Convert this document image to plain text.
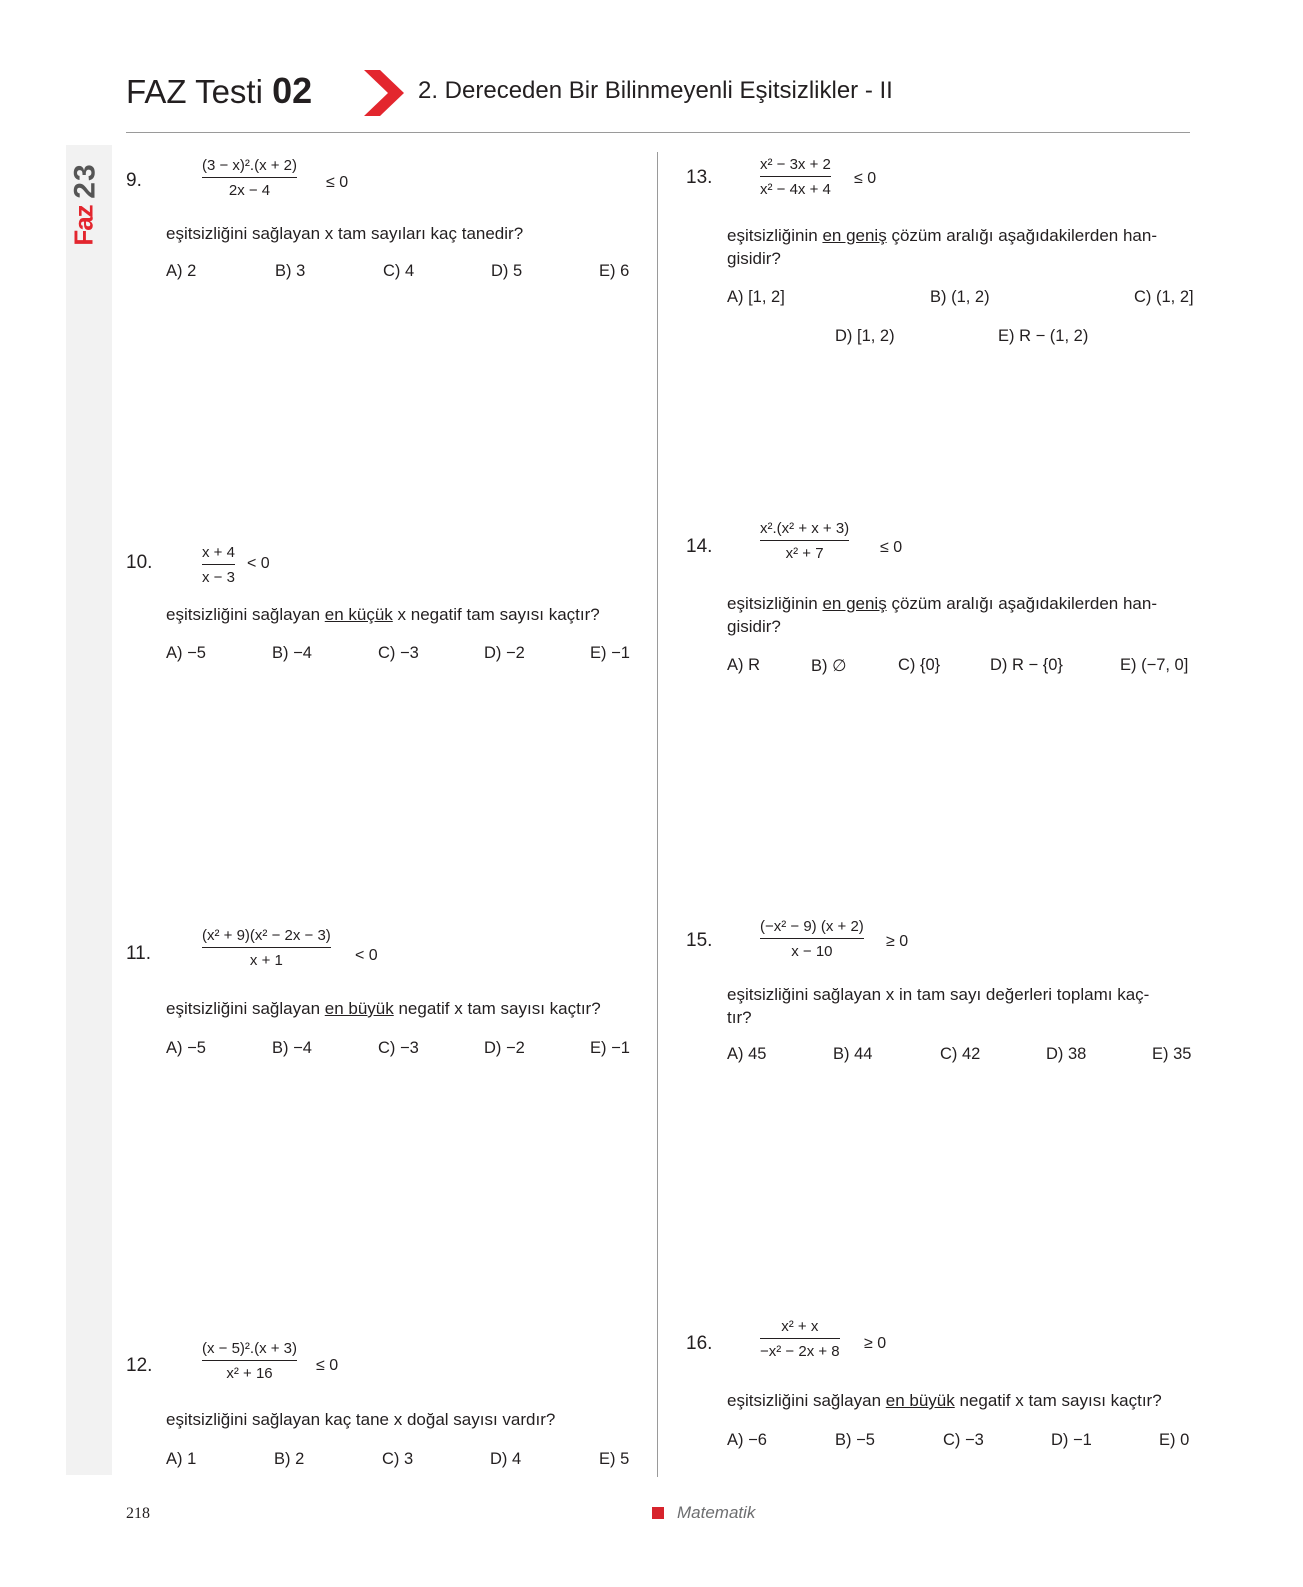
23
Faz
FAZ Testi 02	2. Dereceden Bir Bilinmeyenli Eşitsizlikler - II
9.
(3 − x)².(x + 2)
2x − 4	≤ 0
eşitsizliğini sağlayan x tam sayıları kaç tanedir?
A) 2	B) 3	C) 4	D) 5	E) 6
10.	x + 4
x − 3
< 0
eşitsizliğini sağlayan en küçük x negatif tam sayısı kaçtır?
A) −5	B) −4	C) −3	D) −2	E) −1
11.
(x² + 9)(x² − 2x − 3)
x + 1	< 0
eşitsizliğini sağlayan en büyük negatif x tam sayısı kaçtır?
A) −5	B) −4	C) −3	D) −2	E) −1
12.
(x − 5)².(x + 3)
x² + 16	≤ 0
eşitsizliğini sağlayan kaç tane x doğal sayısı vardır?
A) 1	B) 2	C) 3	D) 4	E) 5
13.
x² − 3x + 2
x² − 4x + 4
≤ 0
eşitsizliğinin en geniş çözüm aralığı aşağıdakilerden han-
gisidir?
A) [1, 2]	B) (1, 2)	C) (1, 2]
D) [1, 2)	E) R − (1, 2)
14.
x².(x² + x + 3)
x² + 7	≤ 0
eşitsizliğinin en geniş çözüm aralığı aşağıdakilerden han-
gisidir?
A) R	B) ∅	C) {0}	D) R − {0}	E) (−7, 0]
15.
(−x² − 9) (x + 2)
x − 10
≥ 0
eşitsizliğini sağlayan x in tam sayı değerleri toplamı kaç-
tır?
A) 45	B) 44	C) 42	D) 38	E) 35
16.
x² + x
−x² − 2x + 8 ≥ 0
eşitsizliğini sağlayan en büyük negatif x tam sayısı kaçtır?
A) −6	B) −5	C) −3	D) −1	E) 0
218	Matematik
